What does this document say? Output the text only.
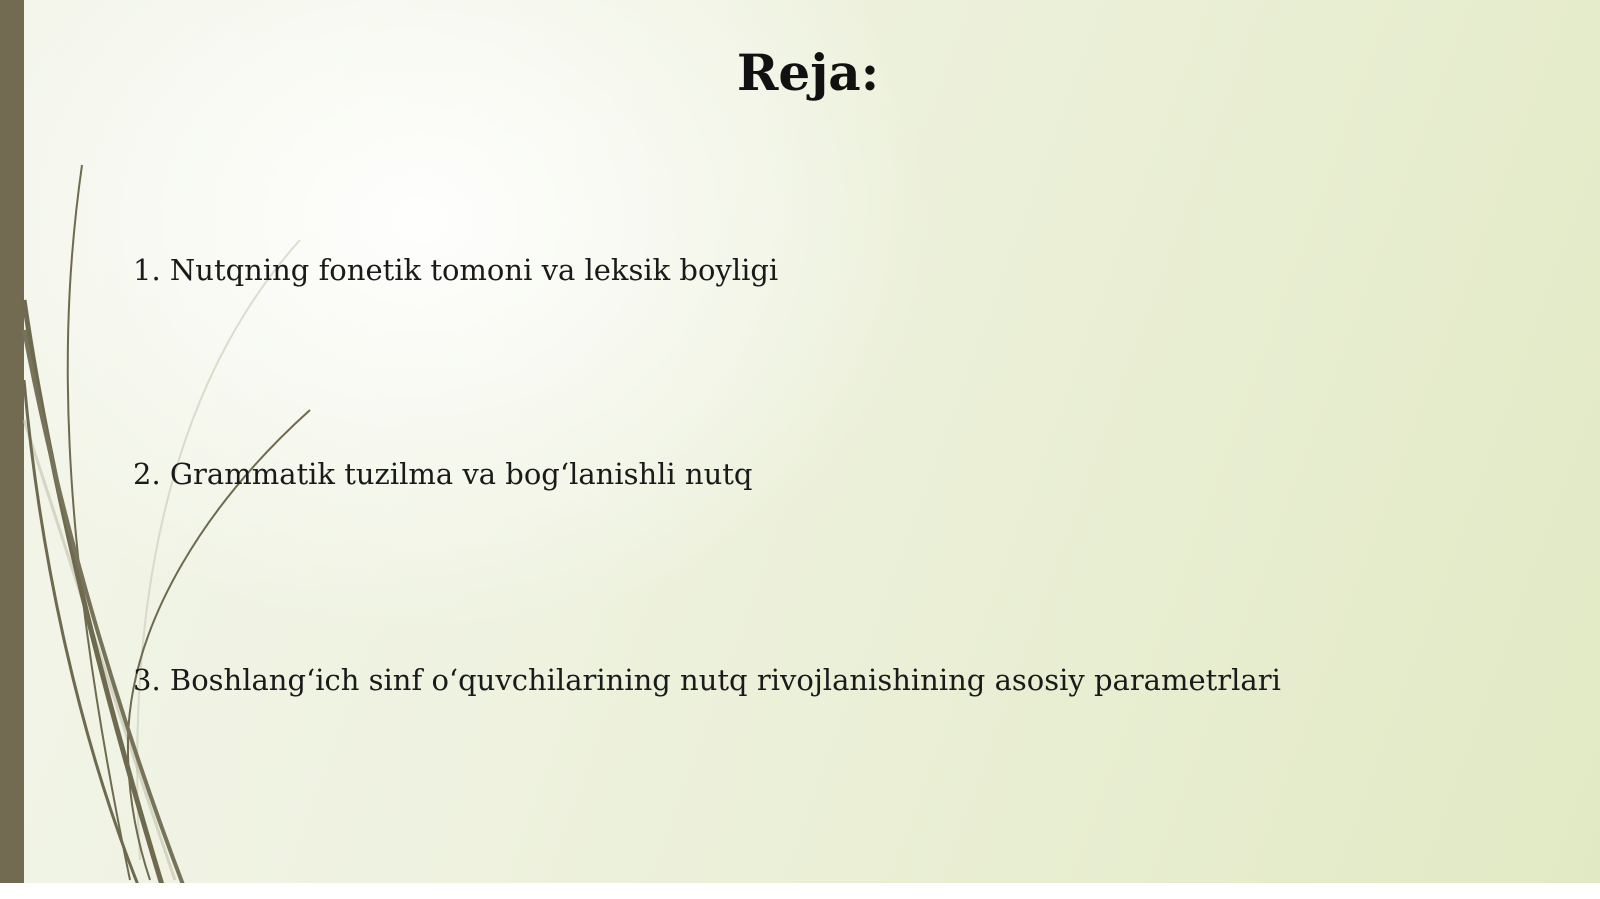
Reja:
1. Nutqning fonetik tomoni va leksik boyligi
2. Grammatik tuzilma va bog‘lanishli nutq
3. Boshlang‘ich sinf o‘quvchilarining nutq rivojlanishining asosiy parametrlari
